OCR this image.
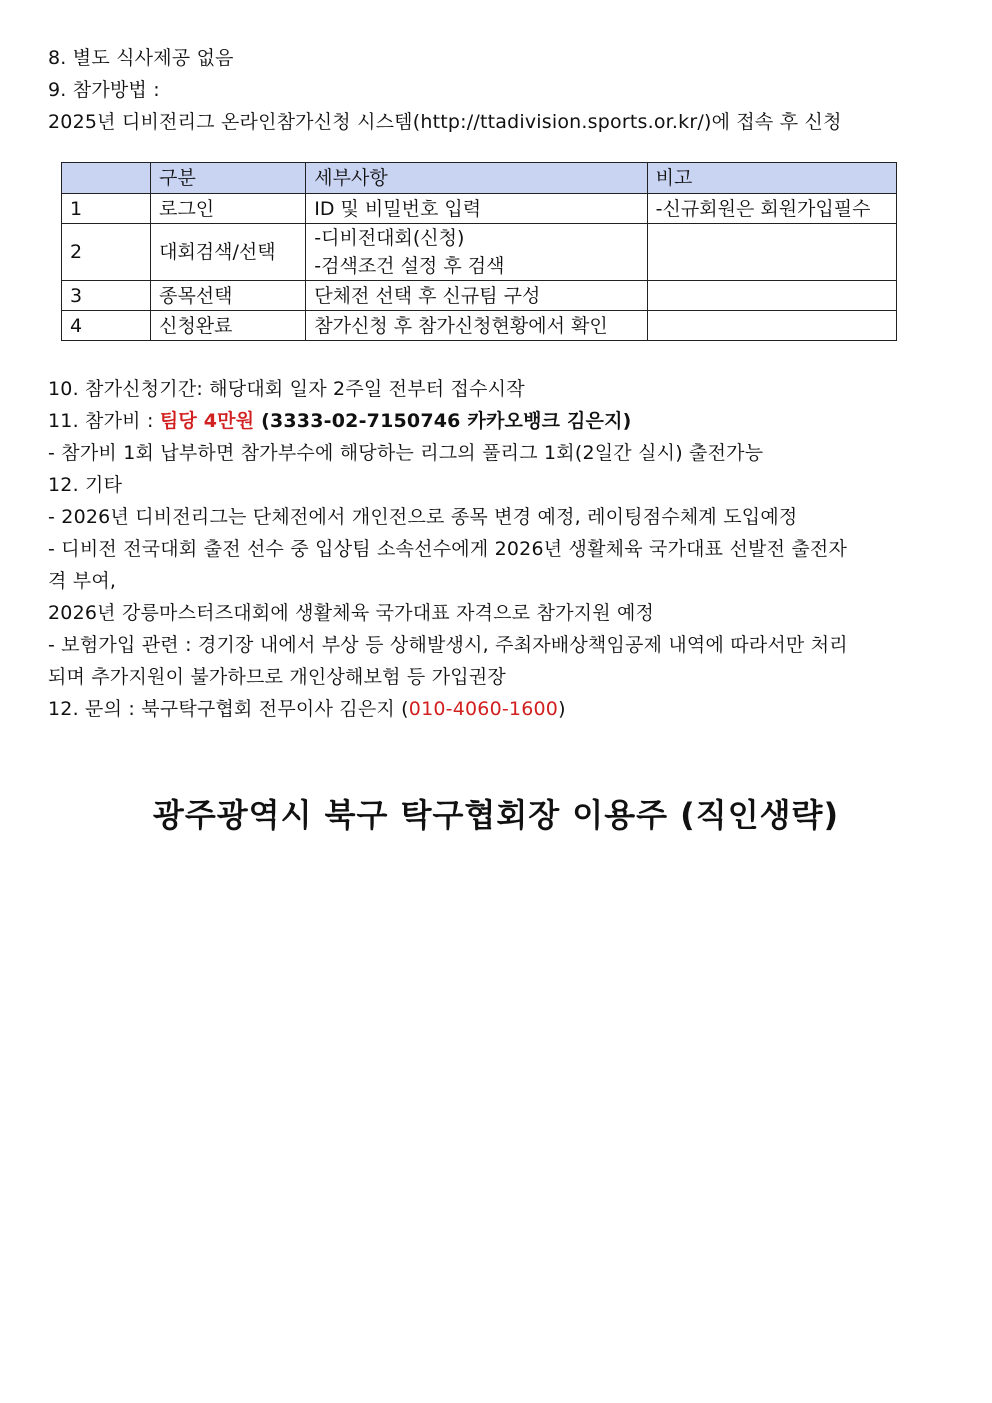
8. 별도 식사제공 없음
9. 참가방법 :
2025년 디비전리그 온라인참가신청 시스템(http://ttadivision.sports.or.kr/)에 접속 후 신청
	구분	세부사항	비고
1	로그인	ID 및 비밀번호 입력	-신규회원은 회원가입필수
2	대회검색/선택	-디비전대회(신청)
-검색조건 설정 후 검색	

3	종목선택	단체전 선택 후 신규팀 구성	
4	신청완료	참가신청 후 참가신청현황에서 확인	
10. 참가신청기간: 해당대회 일자 2주일 전부터 접수시작
11. 참가비 : 팀당 4만원 (3333-02-7150746 카카오뱅크 김은지)
- 참가비 1회 납부하면 참가부수에 해당하는 리그의 풀리그 1회(2일간 실시) 출전가능
12. 기타
- 2026년 디비전리그는 단체전에서 개인전으로 종목 변경 예정, 레이팅점수체계 도입예정
- 디비전 전국대회 출전 선수 중 입상팀 소속선수에게 2026년 생활체육 국가대표 선발전 출전자
격 부여,
2026년 강릉마스터즈대회에 생활체육 국가대표 자격으로 참가지원 예정
- 보험가입 관련 : 경기장 내에서 부상 등 상해발생시, 주최자배상책임공제 내역에 따라서만 처리
되며 추가지원이 불가하므로 개인상해보험 등 가입권장
12. 문의 : 북구탁구협회 전무이사 김은지 (010-4060-1600)
광주광역시 북구 탁구협회장 이용주 (직인생략)
